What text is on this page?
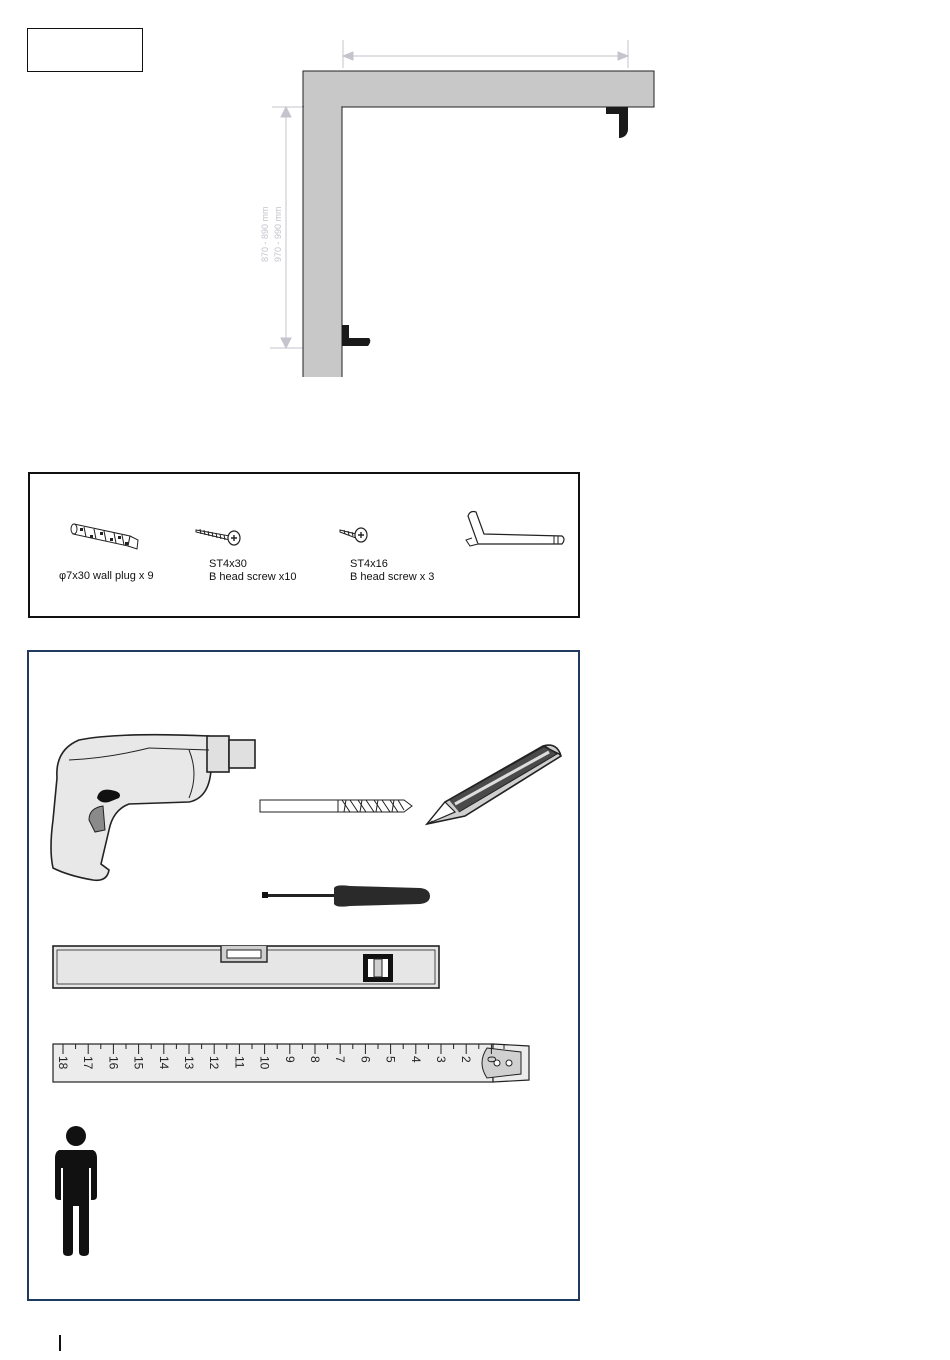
870 - 890 mm 970 - 990 mm
φ7x30 wall plug x 9
ST4x30
B head screw x10
ST4x16
B head screw x 3
18 17 16 15 14 13 12 11 10 9 8 7 6 5 4 3 2 0
